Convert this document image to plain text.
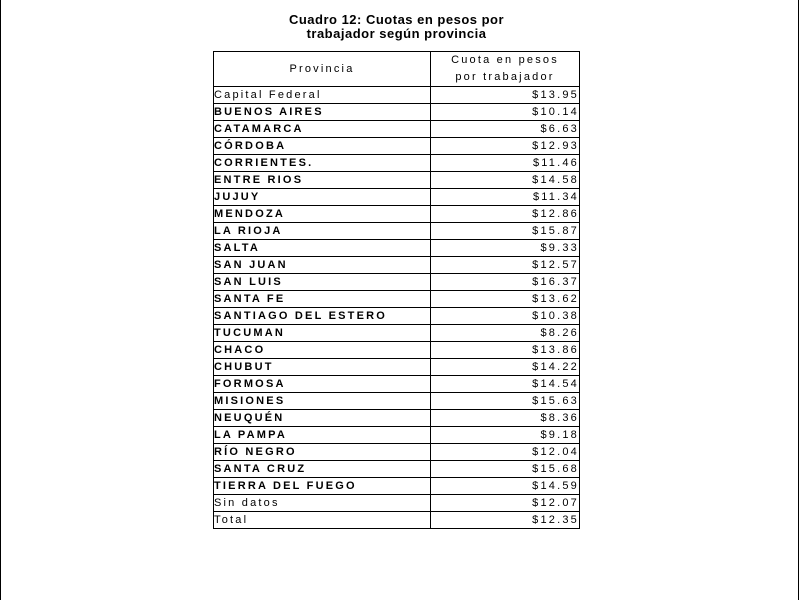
Cuadro 12: Cuotas en pesos por
trabajador según provincia
Provincia	Cuota en pesos
por trabajador

Capital Federal	$13.95
BUENOS AIRES	$10.14
CATAMARCA	$6.63
CÓRDOBA	$12.93
CORRIENTES.	$11.46
ENTRE RIOS	$14.58
JUJUY	$11.34
MENDOZA	$12.86
LA RIOJA	$15.87
SALTA	$9.33
SAN JUAN	$12.57
SAN LUIS	$16.37
SANTA FE	$13.62
SANTIAGO DEL ESTERO	$10.38
TUCUMAN	$8.26
CHACO	$13.86
CHUBUT	$14.22
FORMOSA	$14.54
MISIONES	$15.63
NEUQUÉN	$8.36
LA PAMPA	$9.18
RÍO NEGRO	$12.04
SANTA CRUZ	$15.68
TIERRA DEL FUEGO	$14.59
Sin datos	$12.07
Total	$12.35
